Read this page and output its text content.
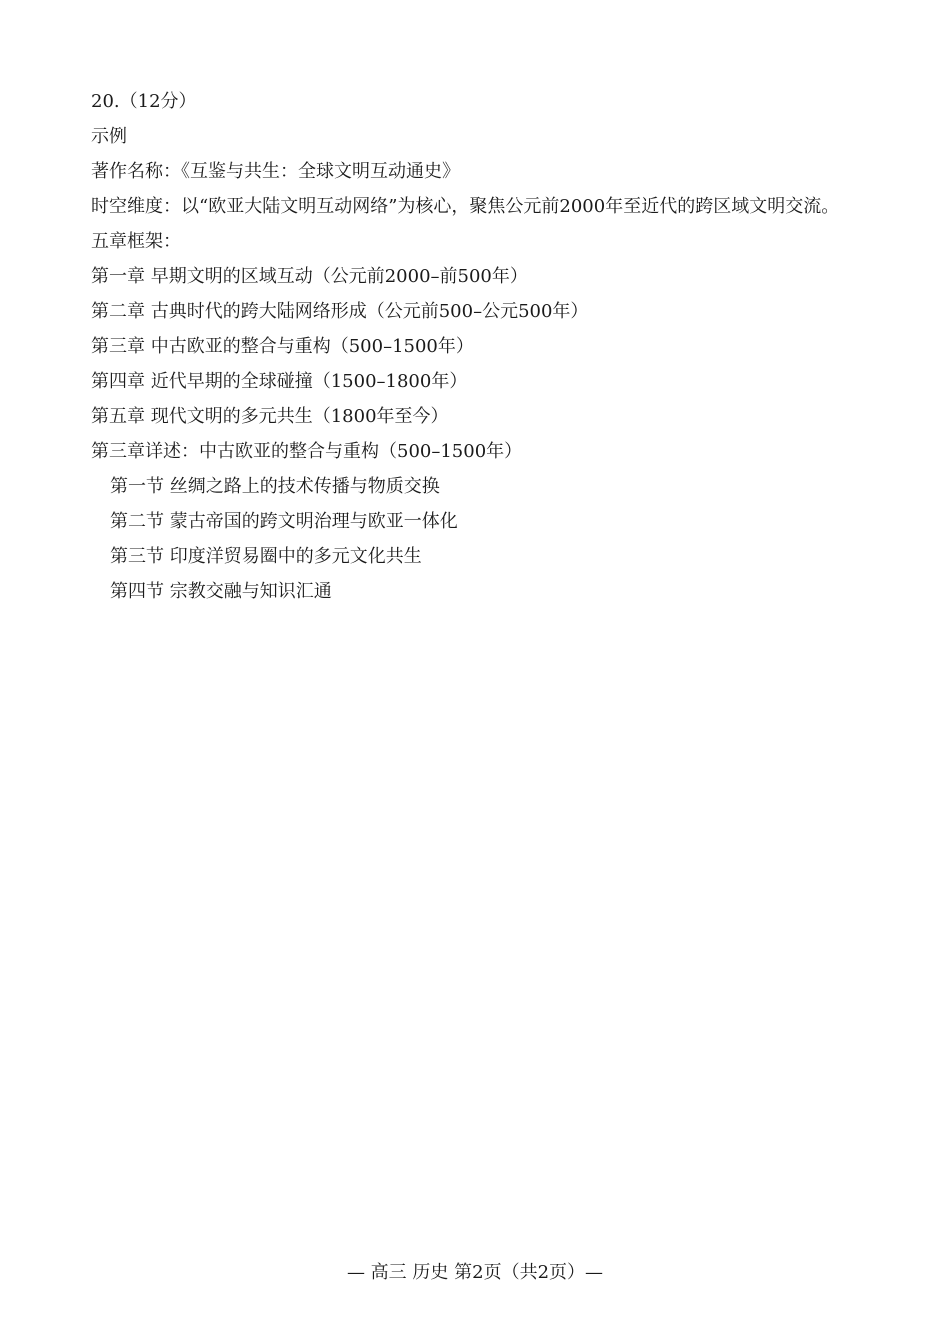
20.（12分）
示例
著作名称：《互鉴与共生：全球文明互动通史》
时空维度：以“欧亚大陆文明互动网络”为核心，聚焦公元前2000年至近代的跨区域文明交流。
五章框架：
第一章 早期文明的区域互动（公元前2000–前500年）
第二章 古典时代的跨大陆网络形成（公元前500–公元500年）
第三章 中古欧亚的整合与重构（500–1500年）
第四章 近代早期的全球碰撞（1500–1800年）
第五章 现代文明的多元共生（1800年至今）
第三章详述：中古欧亚的整合与重构（500–1500年）
第一节 丝绸之路上的技术传播与物质交换
第二节 蒙古帝国的跨文明治理与欧亚一体化
第三节 印度洋贸易圈中的多元文化共生
第四节 宗教交融与知识汇通
— 高三 历史 第2页（共2页）—
